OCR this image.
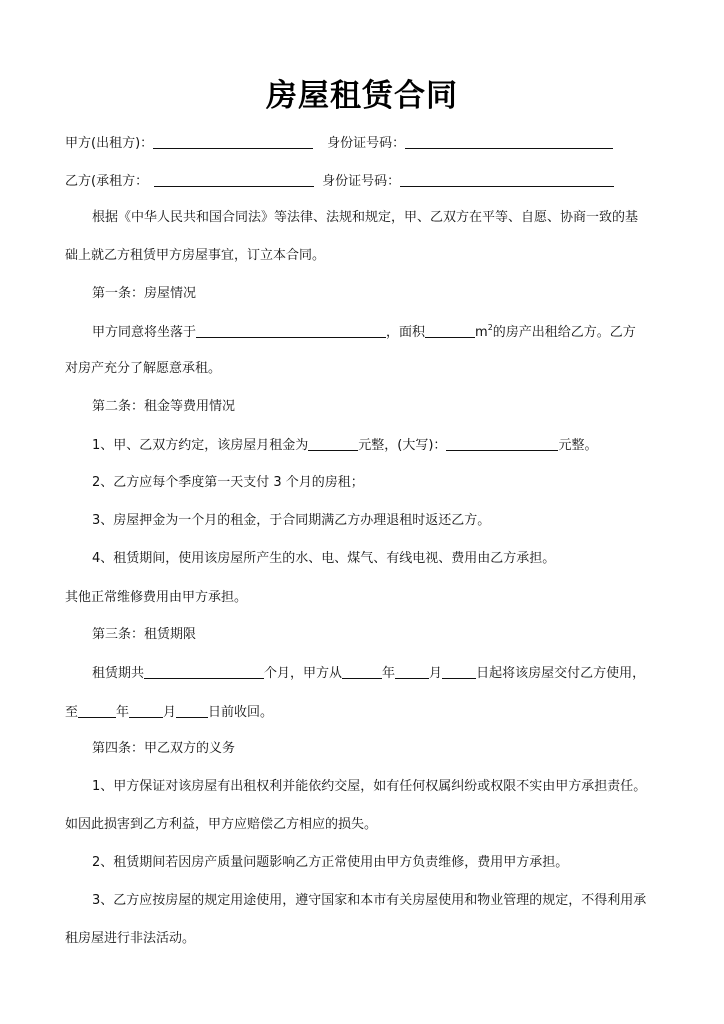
房屋租赁合同
甲方(出租方)：	身份证号码：
乙方(承租方：	身份证号码：
根据《中华人民共和国合同法》等法律、法规和规定，甲、乙双方在平等、自愿、协商一致的基
础上就乙方租赁甲方房屋事宜，订立本合同。
第一条：房屋情况
甲方同意将坐落于	，面积	$m^2$的房产出租给乙方。乙方
对房产充分了解愿意承租。
第二条：租金等费用情况
1、甲、乙双方约定，该房屋月租金为	元整，(大写)：	元整。
2、乙方应每个季度第一天支付 3 个月的房租；
3、房屋押金为一个月的租金，于合同期满乙方办理退租时返还乙方。
4、租赁期间，使用该房屋所产生的水、电、煤气、有线电视、费用由乙方承担。
其他正常维修费用由甲方承担。
第三条：租赁期限
租赁期共	个月，甲方从	年	月	日起将该房屋交付乙方使用，
至	年	月 日前收回。
第四条：甲乙双方的义务
1、甲方保证对该房屋有出租权利并能依约交屋，如有任何权属纠纷或权限不实由甲方承担责任。
如因此损害到乙方利益，甲方应赔偿乙方相应的损失。
2、租赁期间若因房产质量问题影响乙方正常使用由甲方负责维修，费用甲方承担。
3、乙方应按房屋的规定用途使用，遵守国家和本市有关房屋使用和物业管理的规定，不得利用承
租房屋进行非法活动。
